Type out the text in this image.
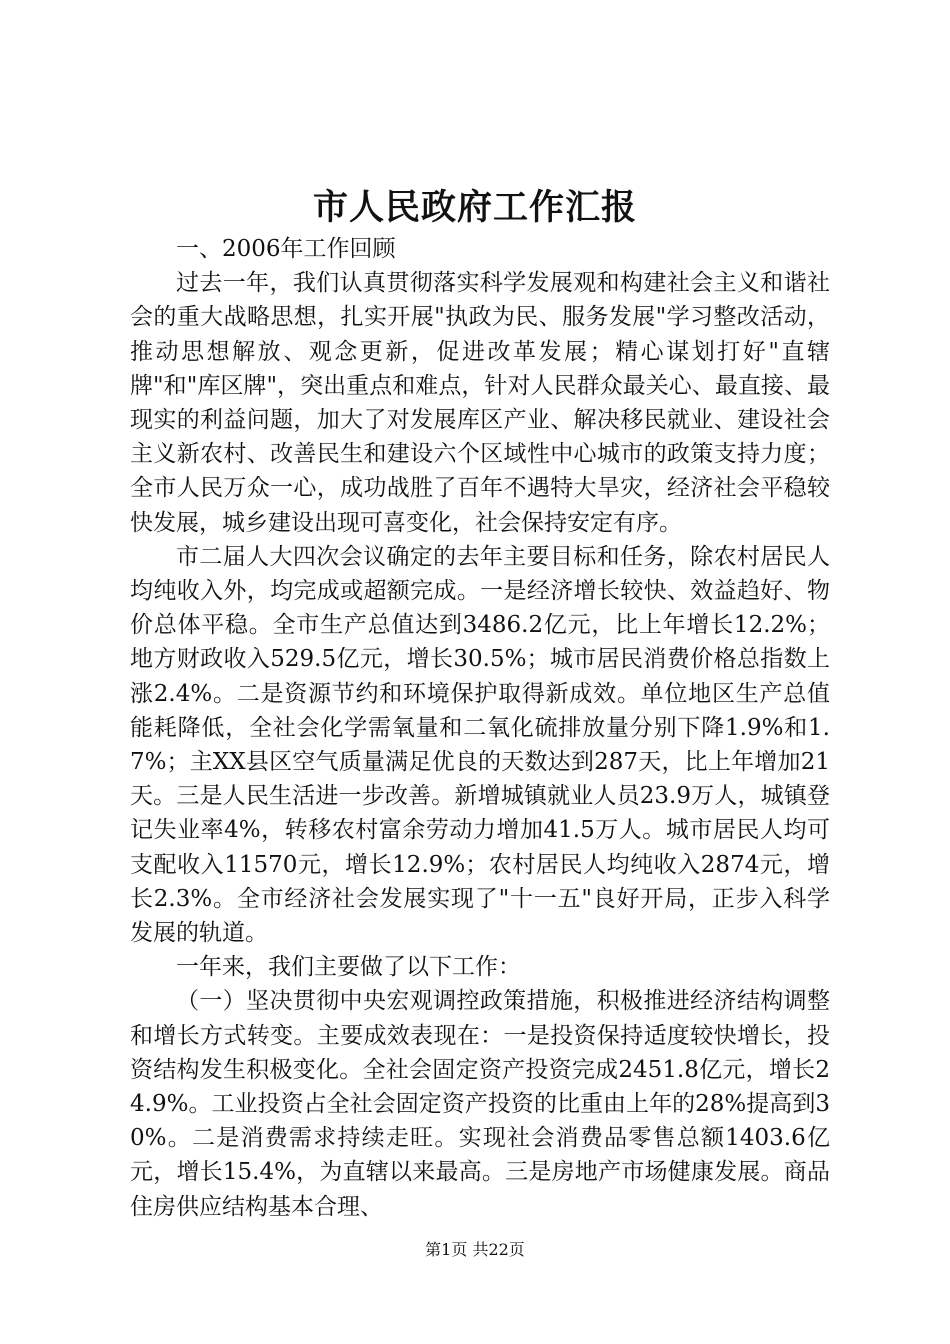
市人民政府工作汇报

一、2006年工作回顾

过去一年，我们认真贯彻落实科学发展观和构建社会主义和谐社会的重大战略思想，扎实开展"执政为民、服务发展"学习整改活动，推动思想解放、观念更新，促进改革发展；精心谋划打好"直辖牌"和"库区牌"，突出重点和难点，针对人民群众最关心、最直接、最现实的利益问题，加大了对发展库区产业、解决移民就业、建设社会主义新农村、改善民生和建设六个区域性中心城市的政策支持力度；全市人民万众一心，成功战胜了百年不遇特大旱灾，经济社会平稳较快发展，城乡建设出现可喜变化，社会保持安定有序。

市二届人大四次会议确定的去年主要目标和任务，除农村居民人均纯收入外，均完成或超额完成。一是经济增长较快、效益趋好、物价总体平稳。全市生产总值达到3486.2亿元，比上年增长12.2%；地方财政收入529.5亿元，增长30.5%；城市居民消费价格总指数上涨2.4%。二是资源节约和环境保护取得新成效。单位地区生产总值能耗降低，全社会化学需氧量和二氧化硫排放量分别下降1.9%和1.7%；主XX县区空气质量满足优良的天数达到287天，比上年增加21天。三是人民生活进一步改善。新增城镇就业人员23.9万人，城镇登记失业率4%，转移农村富余劳动力增加41.5万人。城市居民人均可支配收入11570元，增长12.9%；农村居民人均纯收入2874元，增长2.3%。全市经济社会发展实现了"十一五"良好开局，正步入科学发展的轨道。

一年来，我们主要做了以下工作：

（一）坚决贯彻中央宏观调控政策措施，积极推进经济结构调整和增长方式转变。主要成效表现在：一是投资保持适度较快增长，投资结构发生积极变化。全社会固定资产投资完成2451.8亿元，增长24.9%。工业投资占全社会固定资产投资的比重由上年的28%提高到30%。二是消费需求持续走旺。实现社会消费品零售总额1403.6亿元，增长15.4%，为直辖以来最高。三是房地产市场健康发展。商品住房供应结构基本合理、

第1页 共22页
